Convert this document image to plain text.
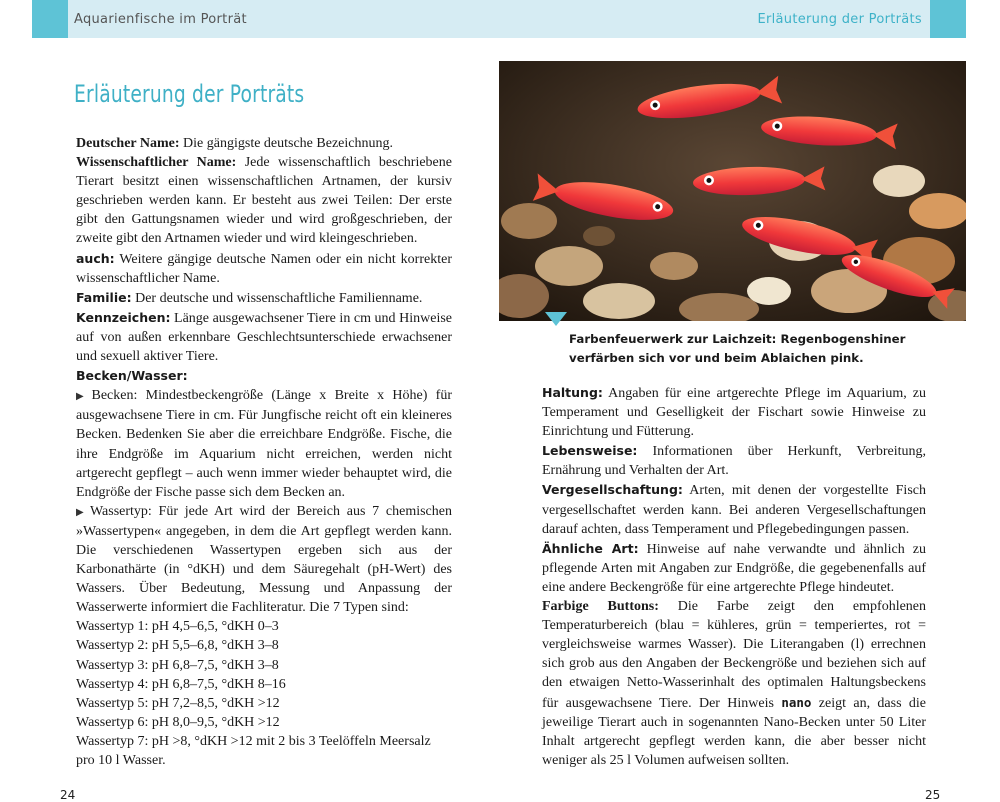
Aquarienfische im Porträt	Erläuterung der Porträts
Erläuterung der Porträts

Deutscher Name: Die gängigste deutsche Bezeichnung.

Wissenschaftlicher Name: Jede wissenschaftlich beschriebene Tierart besitzt einen wissenschaftlichen Artnamen, der kursiv geschrieben werden kann. Er besteht aus zwei Teilen: Der erste gibt den Gattungsnamen wieder und wird großgeschrieben, der zweite gibt den Artnamen wieder und wird kleingeschrieben.

auch: Weitere gängige deutsche Namen oder ein nicht korrekter wissenschaftlicher Name.

Familie: Der deutsche und wissenschaftliche Familienname.

Kennzeichen: Länge ausgewachsener Tiere in cm und Hinweise auf von außen erkennbare Geschlechtsunterschiede erwachsener und sexuell aktiver Tiere.

Becken/Wasser:

▶ Becken: Mindestbeckengröße (Länge x Breite x Höhe) für ausgewachsene Tiere in cm. Für Jungfische reicht oft ein kleineres Becken. Bedenken Sie aber die erreichbare Endgröße. Fische, die ihre Endgröße im Aquarium nicht erreichen, werden nicht artgerecht gepflegt – auch wenn immer wieder behauptet wird, die Endgröße der Fische passe sich dem Becken an.

▶ Wassertyp: Für jede Art wird der Bereich aus 7 chemischen »Wassertypen« angegeben, in dem die Art gepflegt werden kann. Die verschiedenen Wassertypen ergeben sich aus der Karbonathärte (in °dKH) und dem Säuregehalt (pH-Wert) des Wassers. Über Bedeutung, Messung und Anpassung der Wasserwerte informiert die Fachliteratur. Die 7 Typen sind:

Wassertyp 1: pH 4,5–6,5, °dKH 0–3

Wassertyp 2: pH 5,5–6,8, °dKH 3–8

Wassertyp 3: pH 6,8–7,5, °dKH 3–8

Wassertyp 4: pH 6,8–7,5, °dKH 8–16

Wassertyp 5: pH 7,2–8,5, °dKH >12

Wassertyp 6: pH 8,0–9,5, °dKH >12

Wassertyp 7: pH >8, °dKH >12 mit 2 bis 3 Teelöffeln Meersalz pro 10 l Wasser.

Farbenfeuerwerk zur Laichzeit: Regenbogenshiner verfärben sich vor und beim Ablaichen pink.

Haltung: Angaben für eine artgerechte Pflege im Aquarium, zu Temperament und Geselligkeit der Fischart sowie Hinweise zu Einrichtung und Fütterung.

Lebensweise: Informationen über Herkunft, Verbreitung, Ernährung und Verhalten der Art.

Vergesellschaftung: Arten, mit denen der vorgestellte Fisch vergesellschaftet werden kann. Bei anderen Vergesellschaftungen darauf achten, dass Temperament und Pflegebedingungen passen.

Ähnliche Art: Hinweise auf nahe verwandte und ähnlich zu pflegende Arten mit Angaben zur Endgröße, die gegebenenfalls auf eine andere Beckengröße für eine artgerechte Pflege hindeutet.

Farbige Buttons: Die Farbe zeigt den empfohlenen Temperaturbereich (blau = kühleres, grün = temperiertes, rot = vergleichsweise warmes Wasser). Die Literangaben (l) errechnen sich grob aus den Angaben der Beckengröße und beziehen sich auf den etwaigen Netto-Wasserinhalt des optimalen Haltungsbeckens für ausgewachsene Tiere. Der Hinweis nano zeigt an, dass die jeweilige Tierart auch in sogenannten Nano-Becken unter 50 Liter Inhalt artgerecht gepflegt werden kann, die aber besser nicht weniger als 25 l Volumen aufweisen sollten.

24	25
